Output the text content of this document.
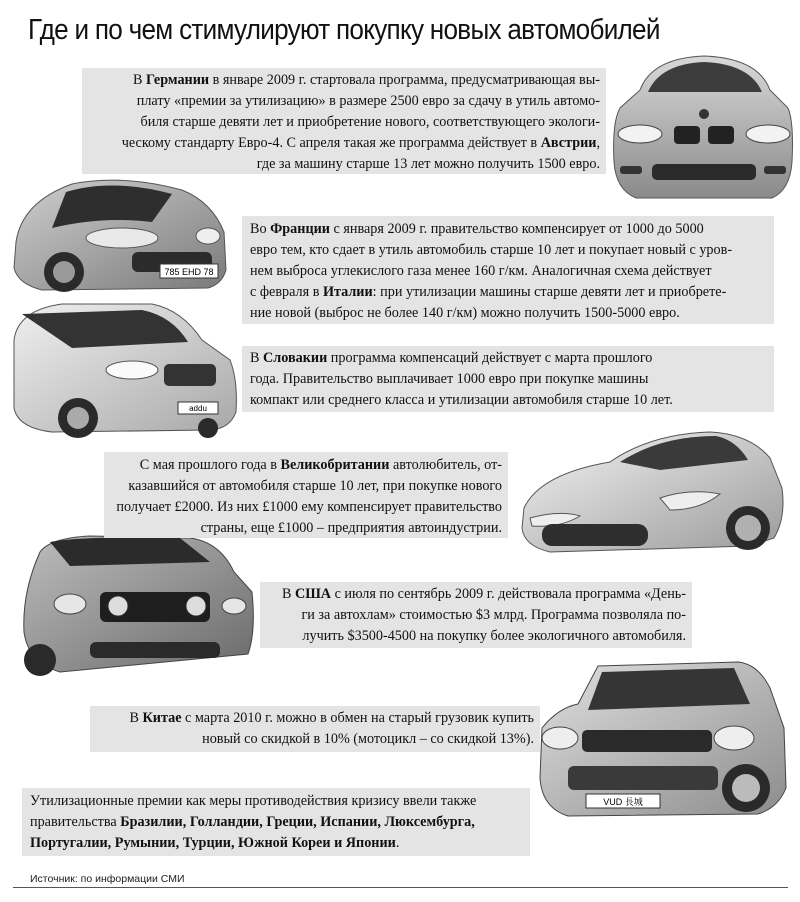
Где и по чем стимулируют покупку новых автомобилей
785 EHD 78
addu
VUD 長城
В Германии в январе 2009 г. стартовала программа, предусматривающая вы-
плату «премии за утилизацию» в размере 2500 евро за сдачу в утиль автомо-
биля старше девяти лет и приобретение нового, соответствующего экологи-
ческому стандарту Евро-4. С апреля такая же программа действует в Австрии,
где за машину старше 13 лет можно получить 1500 евро.
Во Франции с января 2009 г. правительство компенсирует от 1000 до 5000
евро тем, кто сдает в утиль автомобиль старше 10 лет и покупает новый с уров-
нем выброса углекислого газа менее 160 г/км. Аналогичная схема действует
с февраля в Италии: при утилизации машины старше девяти лет и приобрете-
ние новой (выброс не более 140 г/км) можно получить 1500-5000 евро.
В Словакии программа компенсаций действует с марта прошлого
года. Правительство выплачивает 1000 евро при покупке машины
компакт или среднего класса и утилизации автомобиля старше 10 лет.
С мая прошлого года в Великобритании автолюбитель, от-
казавшийся от автомобиля старше 10 лет, при покупке нового
получает £2000. Из них £1000 ему компенсирует правительство
страны, еще £1000 – предприятия автоиндустрии.
В США с июля по сентябрь 2009 г. действовала программа «День-
ги за автохлам» стоимостью $3 млрд. Программа позволяла по-
лучить $3500-4500 на покупку более экологичного автомобиля.
В Китае с марта 2010 г. можно в обмен на старый грузовик купить
новый со скидкой в 10% (мотоцикл – со скидкой 13%).
Утилизационные премии как меры противодействия кризису ввели также
правительства Бразилии, Голландии, Греции, Испании, Люксембурга,
Португалии, Румынии, Турции, Южной Кореи и Японии.
Источник: по информации СМИ
